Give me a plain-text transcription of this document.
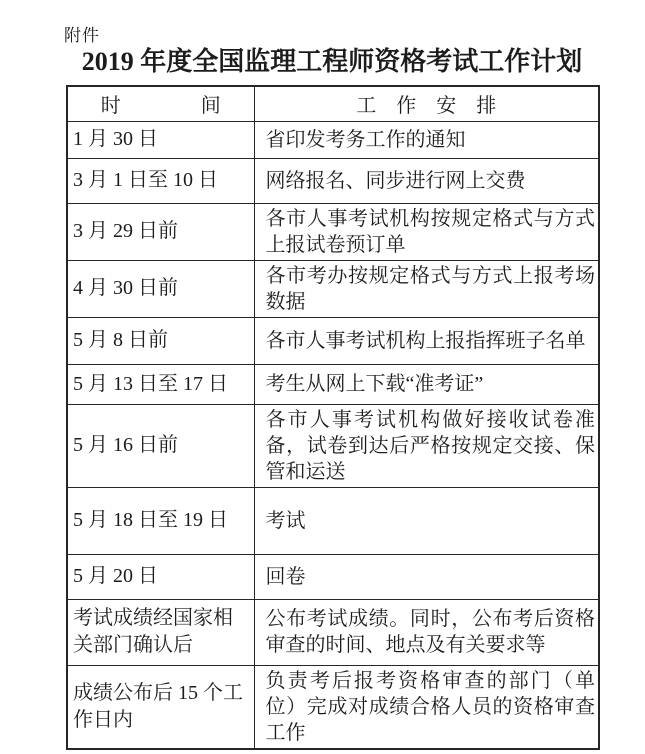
附件
2019 年度全国监理工程师资格考试工作计划
时　　　　间	工　作　安　排
1 月 30 日	省印发考务工作的通知
3 月 1 日至 10 日	网络报名、同步进行网上交费
3 月 29 日前	各市人事考试机构按规定格式与方式上报试卷预订单
4 月 30 日前	各市考办按规定格式与方式上报考场数据
5 月 8 日前	各市人事考试机构上报指挥班子名单
5 月 13 日至 17 日	考生从网上下载“准考证”
5 月 16 日前	各市人事考试机构做好接收试卷准备，试卷到达后严格按规定交接、保管和运送
5 月 18 日至 19 日	考试
5 月 20 日	回卷
考试成绩经国家相关部门确认后	公布考试成绩。同时，公布考后资格审查的时间、地点及有关要求等
成绩公布后 15 个工作日内	负责考后报考资格审查的部门（单位）完成对成绩合格人员的资格审查工作
